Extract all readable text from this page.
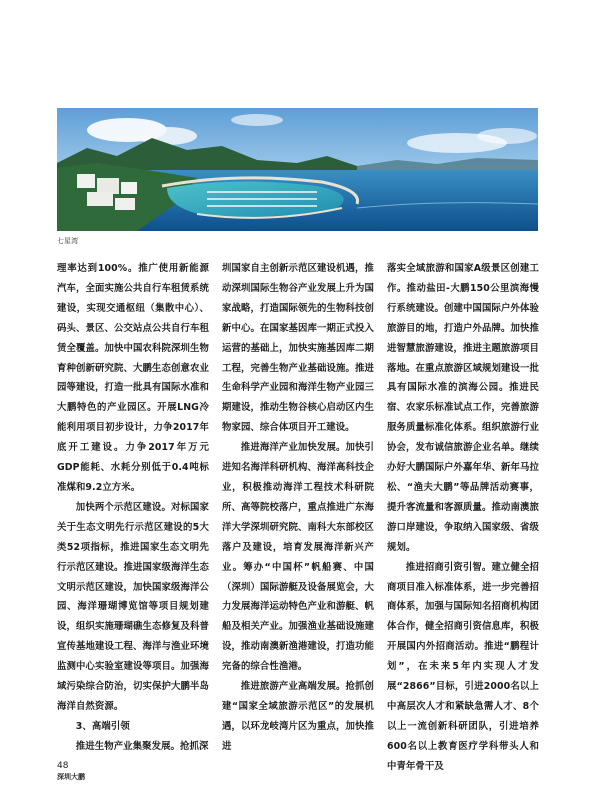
七星湾

理率达到100%。推广使用新能源汽车，全面实施公共自行车租赁系统建设，实现交通枢纽（集散中心）、码头、景区、公交站点公共自行车租赁全覆盖。加快中国农科院深圳生物育种创新研究院、大鹏生态创意农业园等建设，打造一批具有国际水准和大鹏特色的产业园区。开展LNG冷能利用项目初步设计，力争2017年底开工建设。力争2017年万元GDP能耗、水耗分别低于0.4吨标准煤和9.2立方米。

加快两个示范区建设。对标国家关于生态文明先行示范区建设的5大类52项指标，推进国家生态文明先行示范区建设。推进国家级海洋生态文明示范区建设，加快国家级海洋公园、海洋珊瑚博览馆等项目规划建设，组织实施珊瑚礁生态修复及科普宣传基地建设工程、海洋与渔业环境监测中心实验室建设等项目。加强海域污染综合防治，切实保护大鹏半岛海洋自然资源。

3、高端引领

推进生物产业集聚发展。抢抓深

圳国家自主创新示范区建设机遇，推动深圳国际生物谷产业发展上升为国家战略，打造国际领先的生物科技创新中心。在国家基因库一期正式投入运营的基础上，加快实施基因库二期工程，完善生物产业基础设施。推进生命科学产业园和海洋生物产业园三期建设，推动生物谷核心启动区内生物家园、综合体项目开工建设。

推进海洋产业加快发展。加快引进知名海洋科研机构、海洋高科技企业，积极推动海洋工程技术科研院所、高等院校落户，重点推进广东海洋大学深圳研究院、南科大东部校区落户及建设，培育发展海洋新兴产业。筹办“中国杯”帆船赛、中国（深圳）国际游艇及设备展览会，大力发展海洋运动特色产业和游艇、帆船及相关产业。加强渔业基础设施建设，推动南澳新渔港建设，打造功能完备的综合性渔港。

推进旅游产业高端发展。抢抓创建“国家全域旅游示范区”的发展机遇，以环龙岐湾片区为重点，加快推进

落实全域旅游和国家A级景区创建工作。推动盐田-大鹏150公里滨海慢行系统建设。创建中国国际户外体验旅游目的地，打造户外品牌。加快推进智慧旅游建设，推进主题旅游项目落地。在重点旅游区域规划建设一批具有国际水准的滨海公园。推进民宿、农家乐标准试点工作，完善旅游服务质量标准化体系。组织旅游行业协会，发布诚信旅游企业名单。继续办好大鹏国际户外嘉年华、新年马拉松、“渔夫大鹏”等品牌活动赛事，提升客流量和客源质量。推动南澳旅游口岸建设，争取纳入国家级、省级规划。

推进招商引资引智。建立健全招商项目准入标准体系，进一步完善招商体系，加强与国际知名招商机构团体合作，健全招商引资信息库，积极开展国内外招商活动。推进“鹏程计划”，在未来5年内实现人才发展“2866”目标，引进2000名以上中高层次人才和紧缺急需人才、8个以上一流创新科研团队，引进培养600名以上教育医疗学科带头人和中青年骨干及

48
深圳大鹏
